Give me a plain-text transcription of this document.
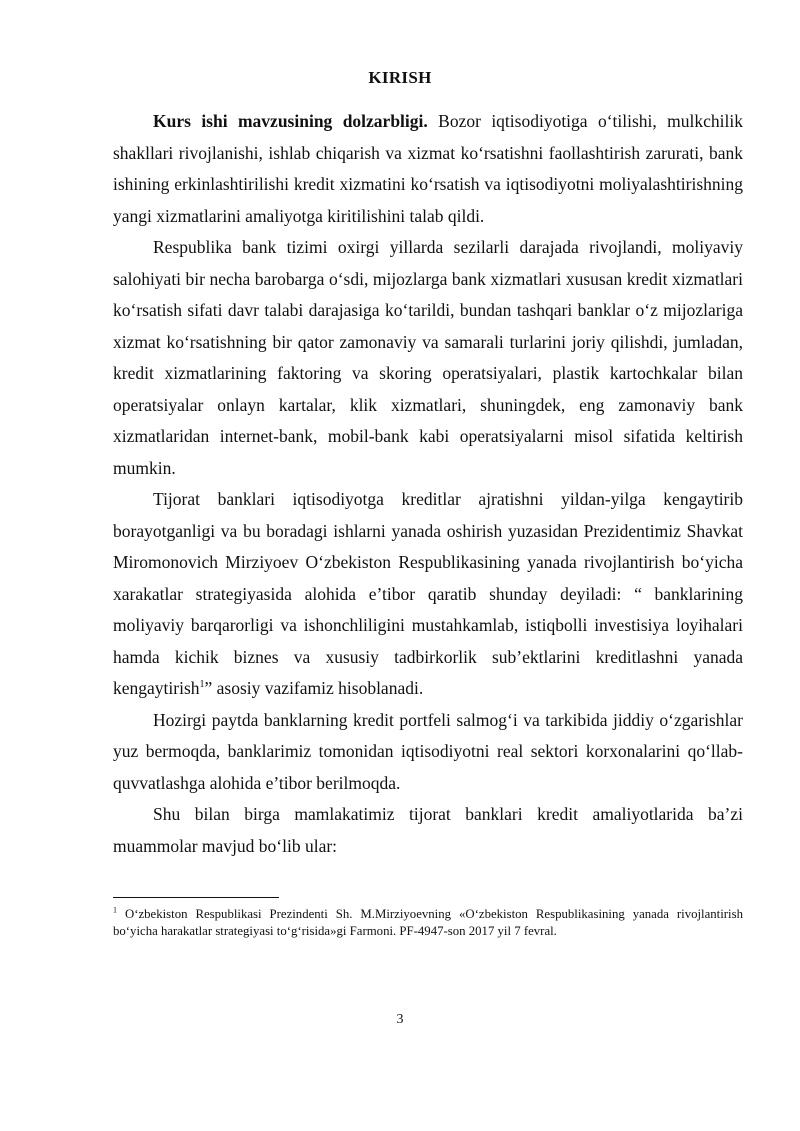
KIRISH

Kurs ishi mavzusining dolzarbligi. Bozor iqtisodiyotiga o‘tilishi, mulkchilik shakllari rivojlanishi, ishlab chiqarish va xizmat ko‘rsatishni faollashtirish zarurati, bank ishining erkinlashtirilishi kredit xizmatini ko‘rsatish va iqtisodiyotni moliyalashtirishning yangi xizmatlarini amaliyotga kiritilishini talab qildi.

Respublika bank tizimi oxirgi yillarda sezilarli darajada rivojlandi, moliyaviy salohiyati bir necha barobarga o‘sdi, mijozlarga bank xizmatlari xususan kredit xizmatlari ko‘rsatish sifati davr talabi darajasiga ko‘tarildi, bundan tashqari banklar o‘z mijozlariga xizmat ko‘rsatishning bir qator zamonaviy va samarali turlarini joriy qilishdi, jumladan, kredit xizmatlarining faktoring va skoring operatsiyalari, plastik kartochkalar bilan operatsiyalar onlayn kartalar, klik xizmatlari, shuningdek, eng zamonaviy bank xizmatlaridan internet-bank, mobil-bank kabi operatsiyalarni misol sifatida keltirish mumkin.

Tijorat banklari iqtisodiyotga kreditlar ajratishni yildan-yilga kengaytirib borayotganligi va bu boradagi ishlarni yanada oshirish yuzasidan Prezidentimiz Shavkat Miromonovich Mirziyoev O‘zbekiston Respublikasining yanada rivojlantirish bo‘yicha xarakatlar strategiyasida alohida e’tibor qaratib shunday deyiladi: “ banklarining moliyaviy barqarorligi va ishonchliligini mustahkamlab, istiqbolli investisiya loyihalari hamda kichik biznes va xususiy tadbirkorlik sub’ektlarini kreditlashni yanada kengaytirish$^1$” asosiy vazifamiz hisoblanadi.

Hozirgi paytda banklarning kredit portfeli salmog‘i va tarkibida jiddiy o‘zgarishlar yuz bermoqda, banklarimiz tomonidan iqtisodiyotni real sektori korxonalarini qo‘llab-quvvatlashga alohida e’tibor berilmoqda.

Shu bilan birga mamlakatimiz tijorat banklari kredit amaliyotlarida ba’zi muammolar mavjud bo‘lib ular:

$^1$ O‘zbekiston Respublikasi Prezindenti Sh. M.Mirziyoevning «O‘zbekiston Respublikasining yanada rivojlantirish bo‘yicha harakatlar strategiyasi to‘g‘risida»gi Farmoni. PF-4947-son 2017 yil 7 fevral.
3
